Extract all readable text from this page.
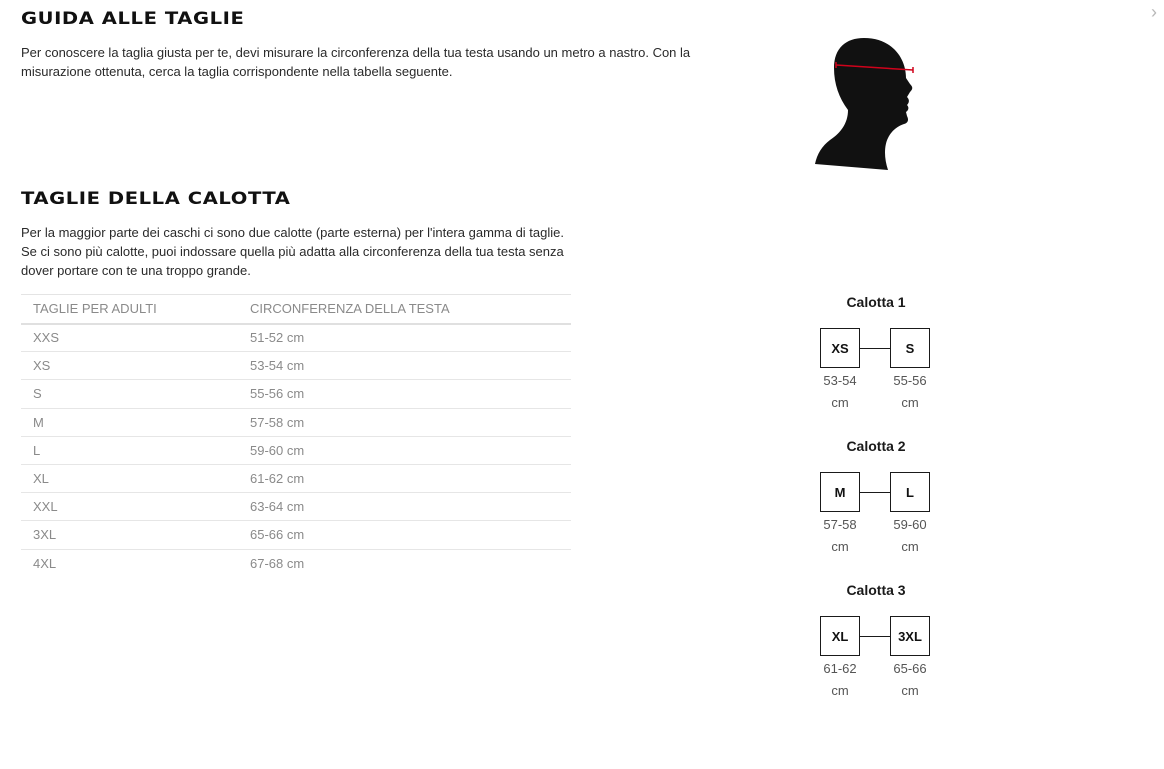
›
GUIDA ALLE TAGLIE

Per conoscere la taglia giusta per te, devi misurare la circonferenza della tua testa usando un metro a nastro. Con la misurazione ottenuta, cerca la taglia corrispondente nella tabella seguente.

TAGLIE DELLA CALOTTA

Per la maggior parte dei caschi ci sono due calotte (parte esterna) per l'intera gamma di taglie. Se ci sono più calotte, puoi indossare quella più adatta alla circonferenza della tua testa senza dover portare con te una troppo grande.

TAGLIE PER ADULTI	CIRCONFERENZA DELLA TESTA
XXS	51-52 cm
XS	53-54 cm
S	55-56 cm
M	57-58 cm
L	59-60 cm
XL	61-62 cm
XXL	63-64 cm
3XL	65-66 cm
4XL	67-68 cm
Calotta 1
XS	S
53-54
cm
55-56
cm
Calotta 2
M	L
57-58
cm
59-60
cm
Calotta 3
XL	3XL
61-62
cm
65-66
cm
